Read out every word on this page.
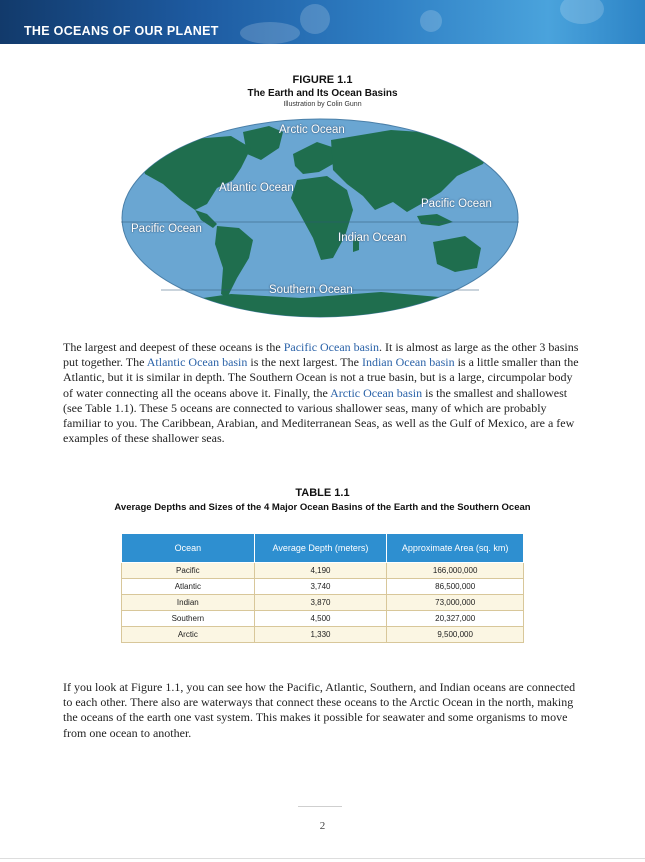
THE OCEANS OF OUR PLANET
FIGURE 1.1
The Earth and Its Ocean Basins
Illustration by Colin Gunn
Arctic Ocean
Atlantic Ocean
Pacific Ocean
Pacific Ocean
Indian Ocean
Southern Ocean

The largest and deepest of these oceans is the Pacific Ocean basin. It is almost as large as the other 3 basins put together. The Atlantic Ocean basin is the next largest. The Indian Ocean basin is a little smaller than the Atlantic, but it is similar in depth. The Southern Ocean is not a true basin, but is a large, circumpolar body of water connecting all the oceans above it. Finally, the Arctic Ocean basin is the smallest and shallowest (see Table 1.1). These 5 oceans are connected to various shallower seas, many of which are probably familiar to you. The Caribbean, Arabian, and Mediterranean Seas, as well as the Gulf of Mexico, are a few examples of these shallower seas.

TABLE 1.1
Average Depths and Sizes of the 4 Major Ocean Basins of the Earth and the Southern Ocean
Ocean	Average Depth (meters)	Approximate Area (sq. km)
Pacific	4,190	166,000,000
Atlantic	3,740	86,500,000
Indian	3,870	73,000,000
Southern	4,500	20,327,000
Arctic	1,330	9,500,000

If you look at Figure 1.1, you can see how the Pacific, Atlantic, Southern, and Indian oceans are connected to each other. There also are waterways that connect these oceans to the Arctic Ocean in the north, making the oceans of the earth one vast system. This makes it possible for seawater and some organisms to move from one ocean to another.

2
